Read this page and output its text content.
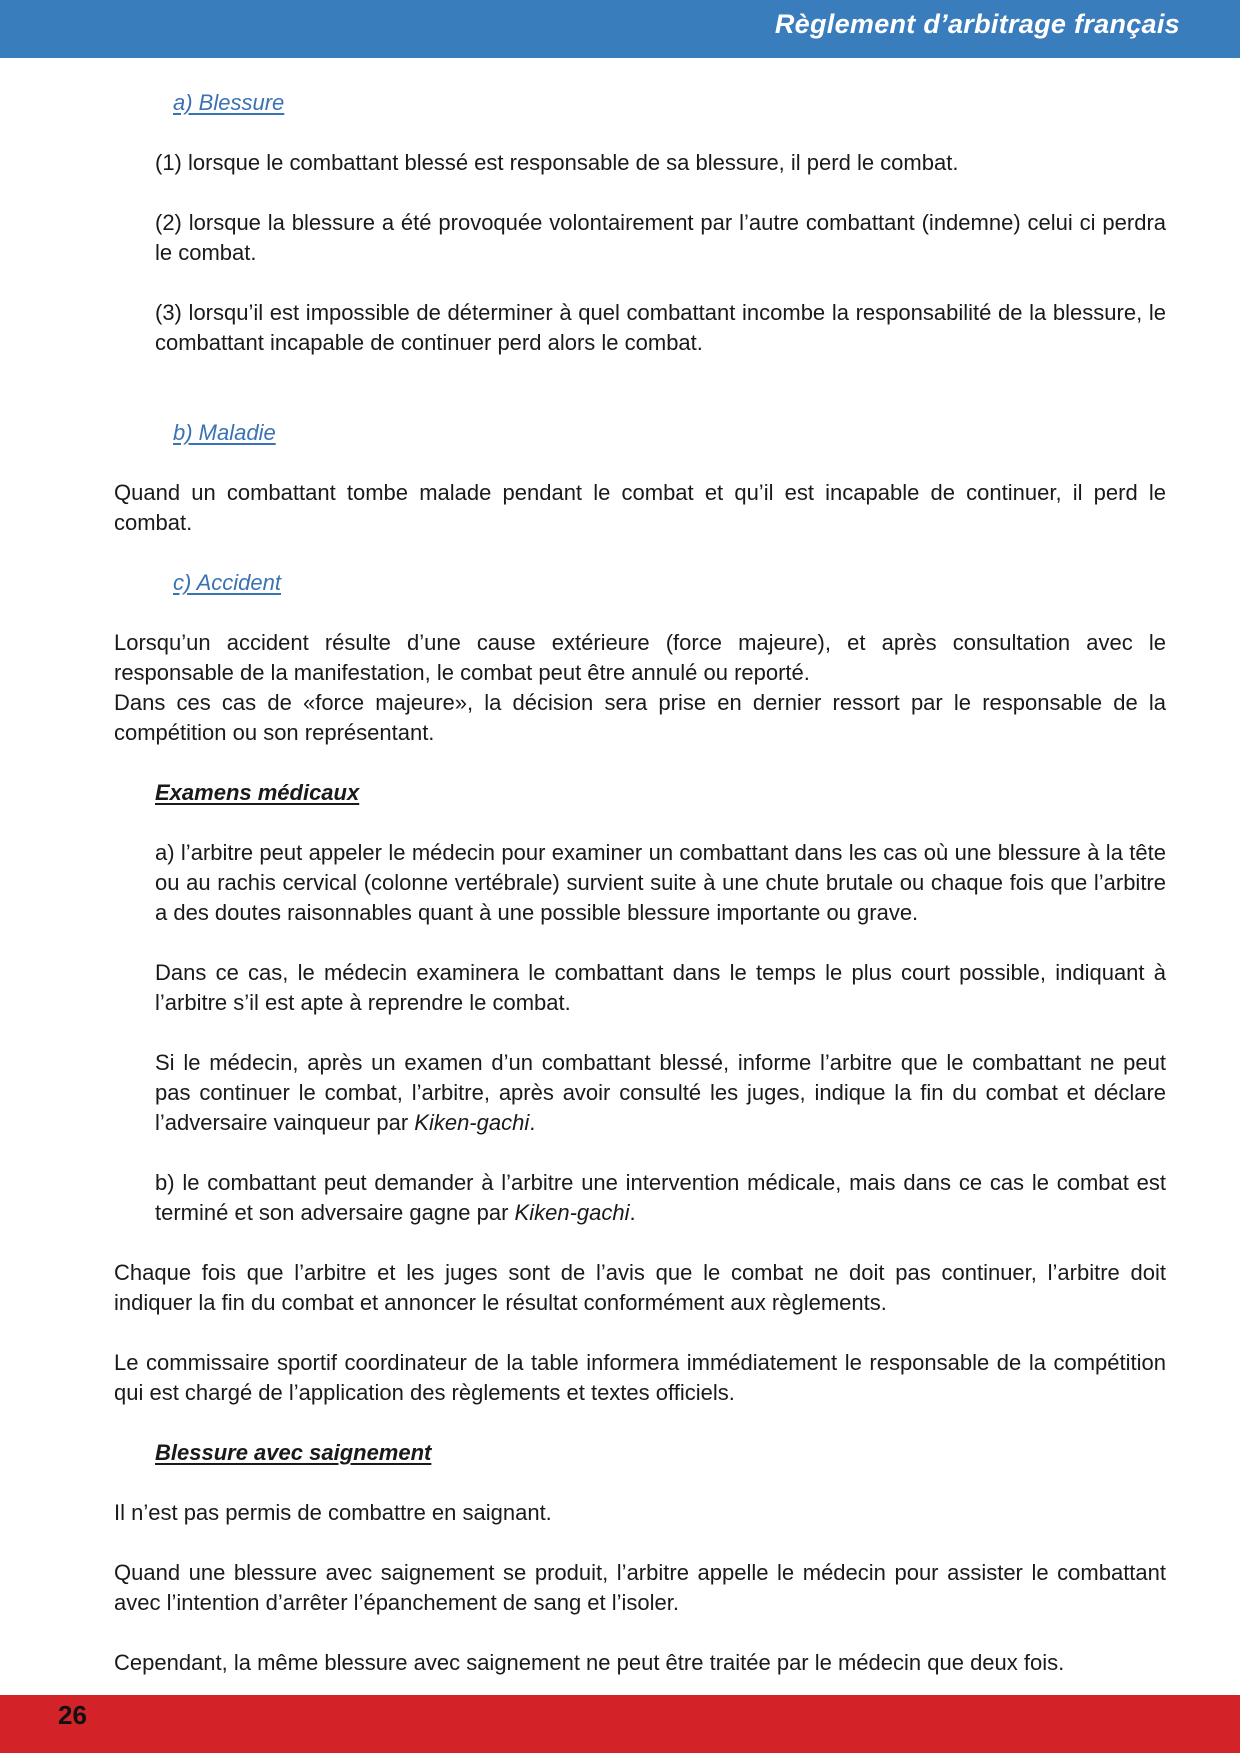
Règlement d’arbitrage français

a) Blessure

(1) lorsque le combattant blessé est responsable de sa blessure, il perd le combat.

(2) lorsque la blessure a été provoquée volontairement par l’autre combattant (indemne) celui ci perdra le combat.

(3) lorsqu’il est impossible de déterminer à quel combattant incombe la responsabilité de la blessure, le combattant incapable de continuer perd alors le combat.

b) Maladie

Quand un combattant tombe malade pendant le combat et qu’il est incapable de continuer, il perd le combat.

c) Accident

Lorsqu’un accident résulte d’une cause extérieure (force majeure), et après consultation avec le responsable de la manifestation, le combat peut être annulé ou reporté.

Dans ces cas de «force majeure», la décision sera prise en dernier ressort par le responsable de la compétition ou son représentant.

Examens médicaux

a) l’arbitre peut appeler le médecin pour examiner un combattant dans les cas où une blessure à la tête ou au rachis cervical (colonne vertébrale) survient suite à une chute brutale ou chaque fois que l’arbitre a des doutes raisonnables quant à une possible blessure importante ou grave.

Dans ce cas, le médecin examinera le combattant dans le temps le plus court possible, indiquant à l’arbitre s’il est apte à reprendre le combat.

Si le médecin, après un examen d’un combattant blessé, informe l’arbitre que le combattant ne peut pas continuer le combat, l’arbitre, après avoir consulté les juges, indique la fin du combat et déclare l’adversaire vainqueur par Kiken-gachi.

b) le combattant peut demander à l’arbitre une intervention médicale, mais dans ce cas le combat est terminé et son adversaire gagne par Kiken-gachi.

Chaque fois que l’arbitre et les juges sont de l’avis que le combat ne doit pas continuer, l’arbitre doit indiquer la fin du combat et annoncer le résultat conformément aux règlements.

Le commissaire sportif coordinateur de la table informera immédiatement le responsable de la compétition qui est chargé de l’application des règlements et textes officiels.

Blessure avec saignement

Il n’est pas permis de combattre en saignant.

Quand une blessure avec saignement se produit, l’arbitre appelle le médecin pour assister le combattant avec l’intention d’arrêter l’épanchement de sang et l’isoler.

Cependant, la même blessure avec saignement ne peut être traitée par le médecin que deux fois.

26
